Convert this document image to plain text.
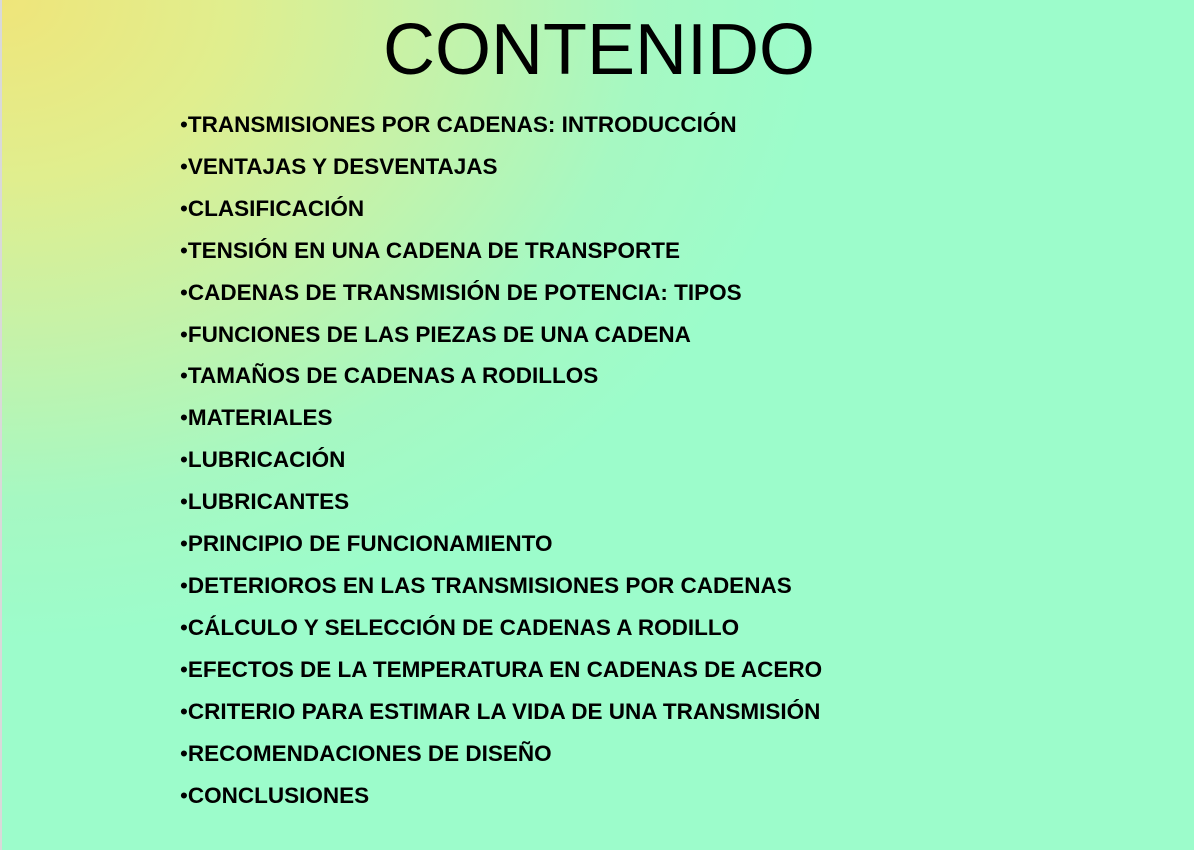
CONTENIDO
•TRANSMISIONES POR CADENAS: INTRODUCCIÓN
•VENTAJAS Y DESVENTAJAS
•CLASIFICACIÓN
•TENSIÓN EN UNA CADENA DE TRANSPORTE
•CADENAS DE TRANSMISIÓN DE POTENCIA: TIPOS
•FUNCIONES DE LAS PIEZAS DE UNA CADENA
•TAMAÑOS DE CADENAS A RODILLOS
•MATERIALES
•LUBRICACIÓN
•LUBRICANTES
•PRINCIPIO DE FUNCIONAMIENTO
•DETERIOROS EN LAS TRANSMISIONES POR CADENAS
•CÁLCULO Y SELECCIÓN DE CADENAS A RODILLO
•EFECTOS DE LA TEMPERATURA EN CADENAS DE ACERO
•CRITERIO PARA ESTIMAR LA VIDA DE UNA TRANSMISIÓN
•RECOMENDACIONES DE DISEÑO
•CONCLUSIONES
